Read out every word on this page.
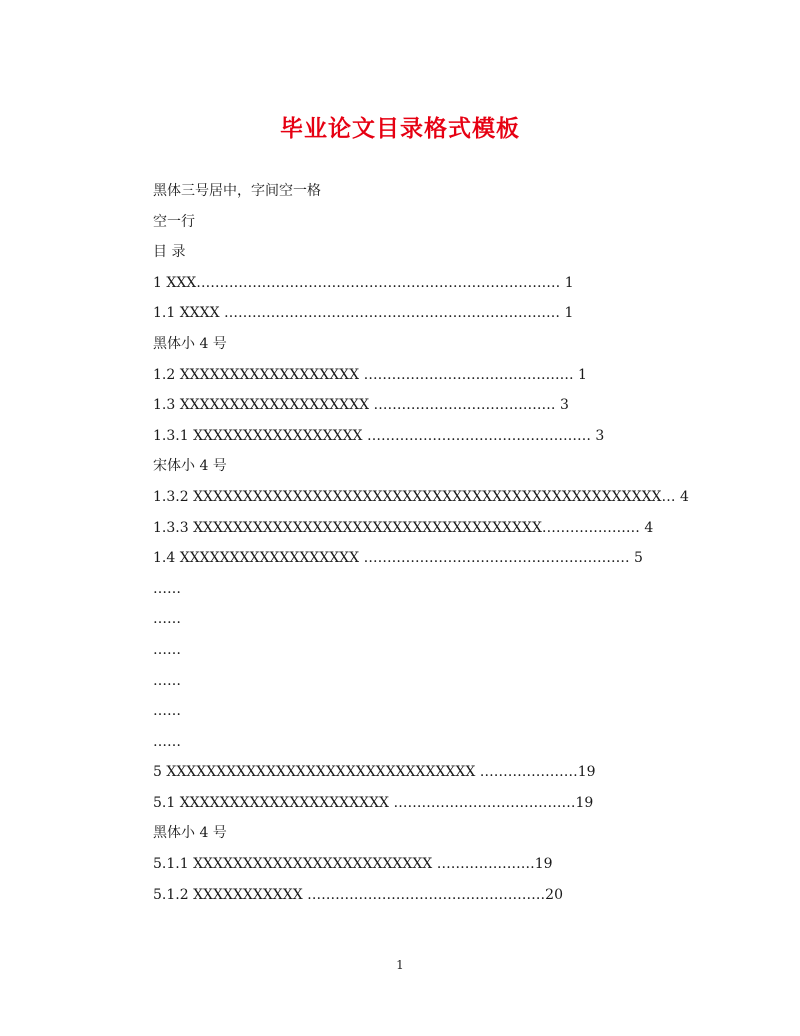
毕业论文目录格式模板
黑体三号居中，字间空一格
空一行
目 录
1 XXX…………………………………………………………………… 1
1.1 XXXX ……………………………………………………………… 1
黑体小 4 号
1.2 XXXXXXXXXXXXXXXXXX ……………………………………… 1
1.3 XXXXXXXXXXXXXXXXXXX ………………………………… 3
1.3.1 XXXXXXXXXXXXXXXXX ………………………………………… 3
宋体小 4 号
1.3.2 XXXXXXXXXXXXXXXXXXXXXXXXXXXXXXXXXXXXXXXXXXXXXXX… 4
1.3.3 XXXXXXXXXXXXXXXXXXXXXXXXXXXXXXXXXXX………………… 4
1.4 XXXXXXXXXXXXXXXXXX ………………………………………………… 5
……
……
……
……
……
……
5 XXXXXXXXXXXXXXXXXXXXXXXXXXXXXXX …………………19
5.1 XXXXXXXXXXXXXXXXXXXXX …………………………………19
黑体小 4 号
5.1.1 XXXXXXXXXXXXXXXXXXXXXXXX …………………19
5.1.2 XXXXXXXXXXX ……………………………………………20
1
